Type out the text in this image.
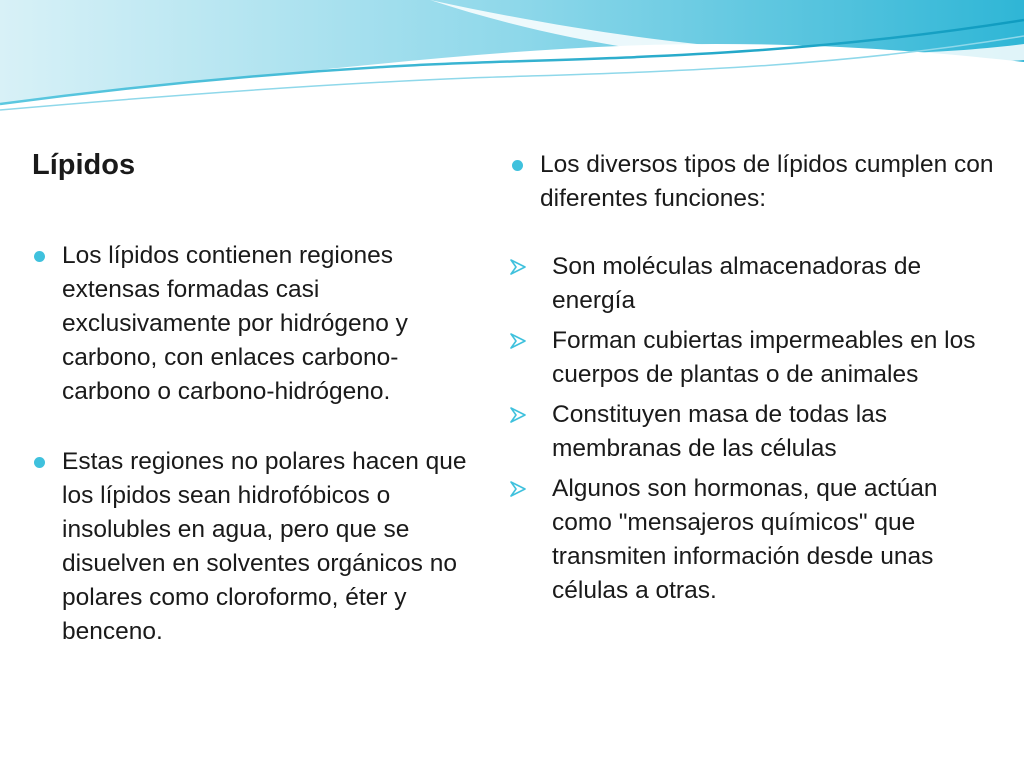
Lípidos
Los lípidos contienen regiones extensas formadas casi exclusivamente por hidrógeno y carbono, con enlaces carbono-carbono o carbono-hidrógeno.
Estas regiones no polares hacen que los lípidos sean hidrofóbicos o insolubles en agua, pero que se disuelven en solventes orgánicos no polares como cloroformo, éter y benceno.
Los diversos tipos de lípidos cumplen con diferentes funciones:
Son moléculas almacenadoras de energía
Forman cubiertas impermeables en los cuerpos de plantas o de animales
Constituyen masa de todas las membranas de las células
Algunos son hormonas, que actúan como "mensajeros químicos" que transmiten información desde unas células a otras.
